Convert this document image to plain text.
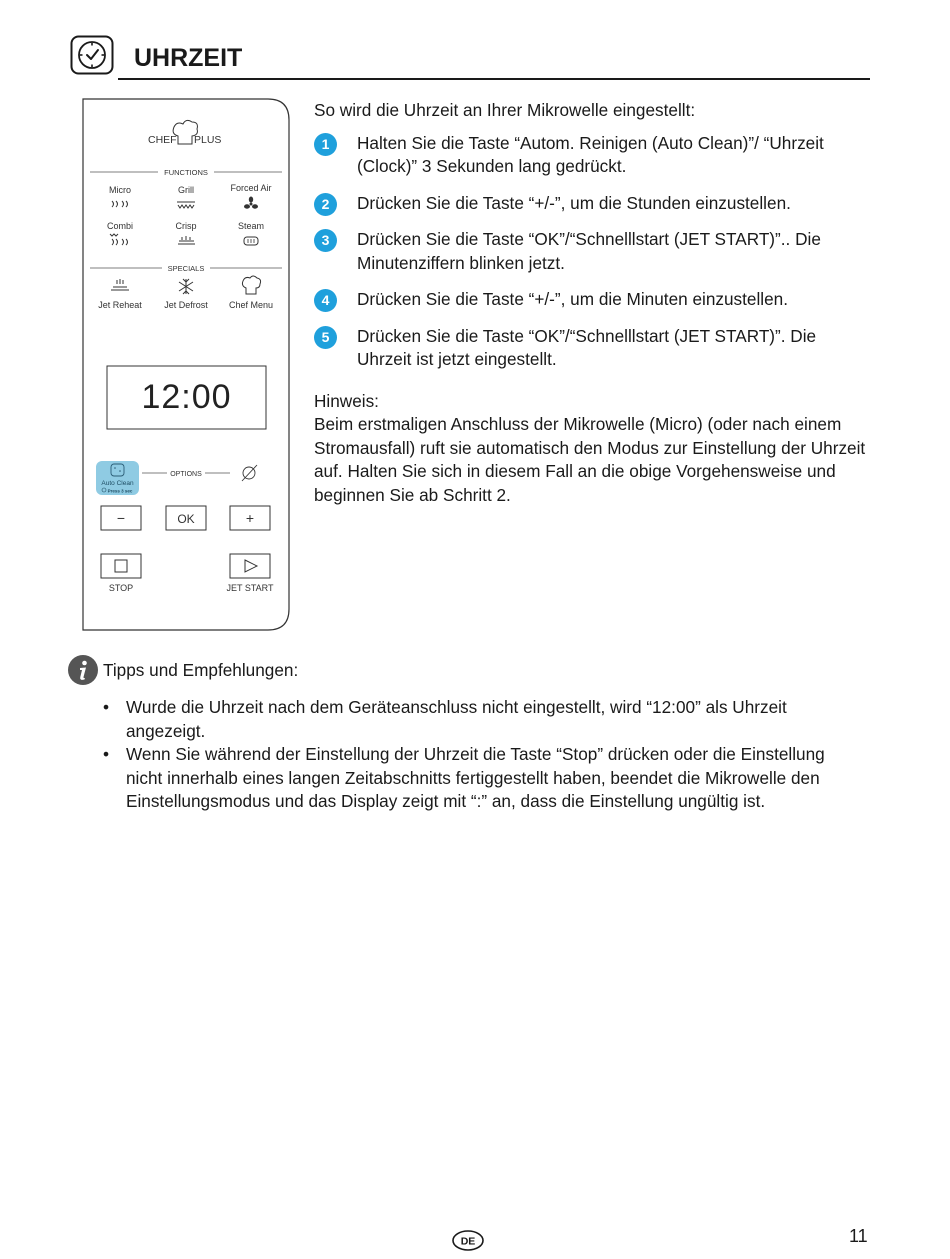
UHRZEIT
CHEF PLUS
FUNCTIONS
Micro	Grill	Forced Air
Combi	Crisp	Steam
SPECIALS
Jet Reheat Jet Defrost Chef Menu
12:00
Auto Clean
Press 3 sec
OPTIONS
−	OK	+
STOP	JET START

So wird die Uhrzeit an Ihrer Mikrowelle eingestellt:

1	Halten Sie die Taste “Autom. Reinigen (Auto Clean)”/ “Uhrzeit (Clock)” 3 Sekunden lang gedrückt.
2	Drücken Sie die Taste “+/-”, um die Stunden einzustellen.
3	Drücken Sie die Taste “OK”/“Schnelllstart (JET START)”.. Die Minutenziffern blinken jetzt.
4	Drücken Sie die Taste “+/-”, um die Minuten einzustellen.
5	Drücken Sie die Taste “OK”/“Schnelllstart (JET START)”. Die Uhrzeit ist jetzt eingestellt.

Hinweis:

Beim erstmaligen Anschluss der Mikrowelle (Micro) (oder nach einem Stromausfall) ruft sie automatisch den Modus zur Einstellung der Uhrzeit auf. Halten Sie sich in diesem Fall an die obige Vorgehensweise und beginnen Sie ab Schritt 2.

Tipps und Empfehlungen:
• Wurde die Uhrzeit nach dem Geräteanschluss nicht eingestellt, wird “12:00” als Uhrzeit angezeigt.
• Wenn Sie während der Einstellung der Uhrzeit die Taste “Stop” drücken oder die Einstellung nicht innerhalb eines langen Zeitabschnitts fertiggestellt haben, beendet die Mikrowelle den Einstellungsmodus und das Display zeigt mit “:” an, dass die Einstellung ungültig ist.
DE	11
